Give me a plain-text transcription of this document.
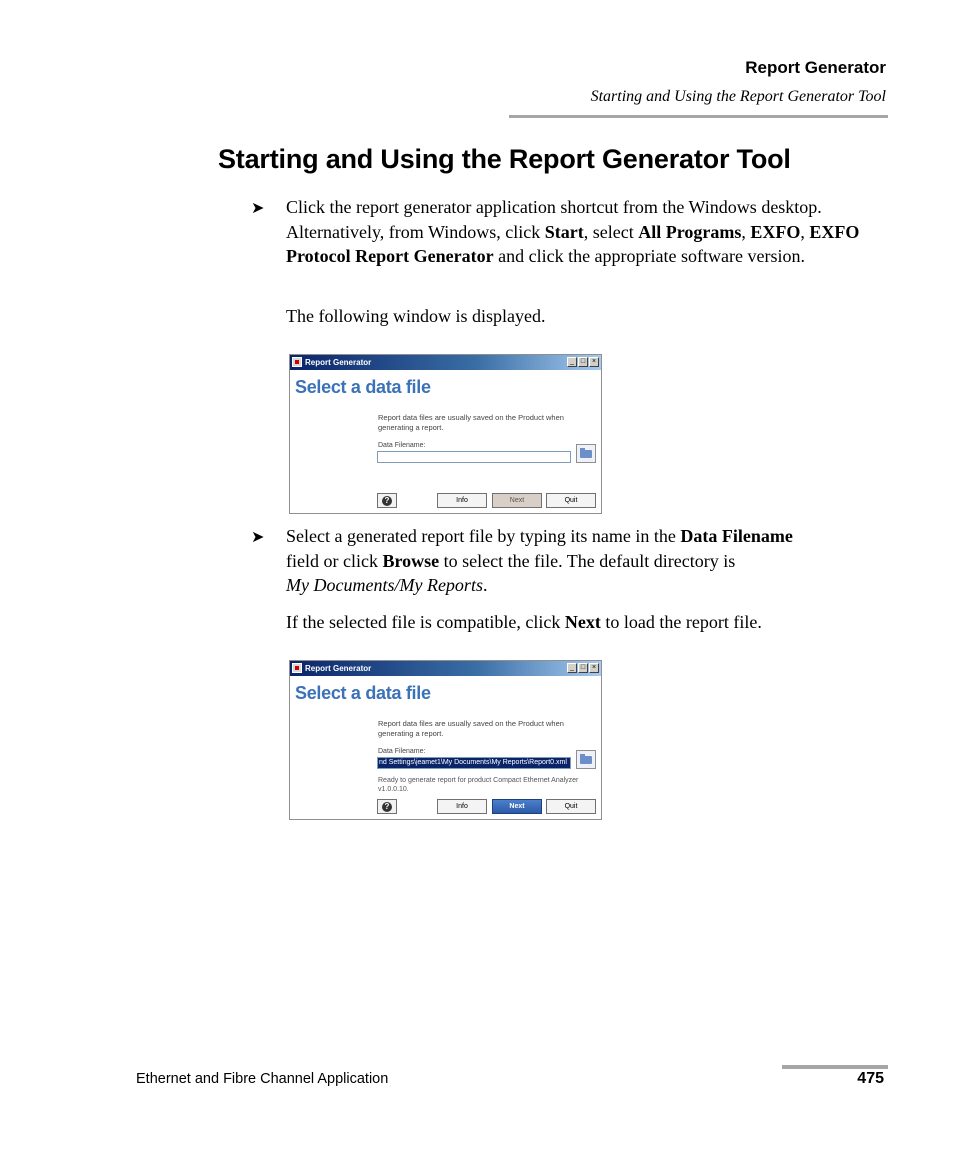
Report Generator
Starting and Using the Report Generator Tool
Starting and Using the Report Generator Tool
➤ Click the report generator application shortcut from the Windows desktop. Alternatively, from Windows, click Start, select All Programs, EXFO, EXFO Protocol Report Generator and click the appropriate software version.
The following window is displayed.
Report Generator	_ □ ×
Select a data file
Report data files are usually saved on the Product when generating a report.
Data Filename:
?	Info	Next	Quit
➤ Select a generated report file by typing its name in the Data Filename
field or click Browse to select the file. The default directory is
My Documents/My Reports.
If the selected file is compatible, click Next to load the report file.
Report Generator	_ □ ×
Select a data file
Report data files are usually saved on the Product when generating a report.
Data Filename:
nd Settings\jeamet1\My Documents\My Reports\Report0.xml
Ready to generate report for product Compact Ethernet Analyzer v1.0.0.10.
?	Info	Next	Quit
Ethernet and Fibre Channel Application	475
